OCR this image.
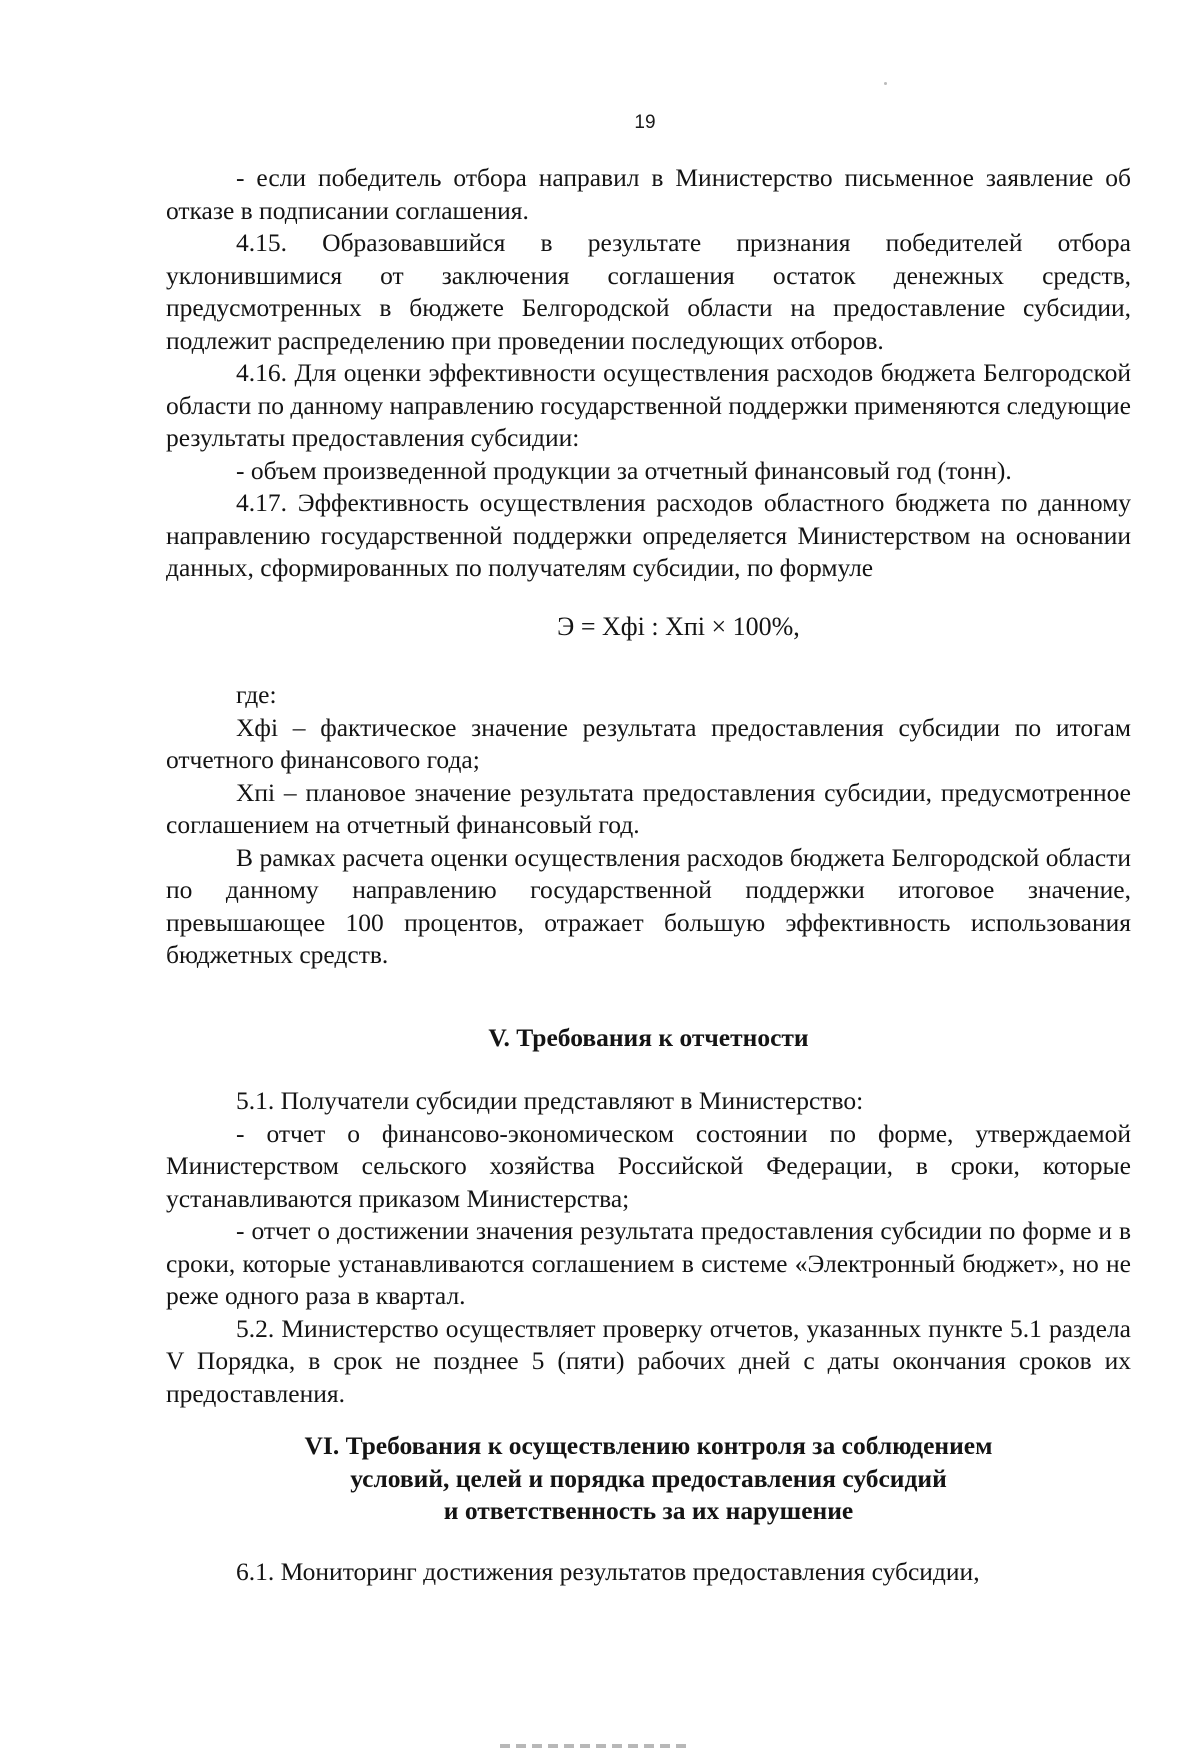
19

- если победитель отбора направил в Министерство письменное заявление об отказе в подписании соглашения.

4.15. Образовавшийся в результате признания победителей отбора уклонившимися от заключения соглашения остаток денежных средств, предусмотренных в бюджете Белгородской области на предоставление субсидии, подлежит распределению при проведении последующих отборов.

4.16. Для оценки эффективности осуществления расходов бюджета Белгородской области по данному направлению государственной поддержки применяются следующие результаты предоставления субсидии:

- объем произведенной продукции за отчетный финансовый год (тонн).

4.17. Эффективность осуществления расходов областного бюджета по данному направлению государственной поддержки определяется Министерством на основании данных, сформированных по получателям субсидии, по формуле

Э = Хфi : Хпi × 100%,

где:

Хфi – фактическое значение результата предоставления субсидии по итогам отчетного финансового года;

Хпi – плановое значение результата предоставления субсидии, предусмотренное соглашением на отчетный финансовый год.

В рамках расчета оценки осуществления расходов бюджета Белгородской области по данному направлению государственной поддержки итоговое значение, превышающее 100 процентов, отражает большую эффективность использования бюджетных средств.

V. Требования к отчетности

5.1. Получатели субсидии представляют в Министерство:

- отчет о финансово-экономическом состоянии по форме, утверждаемой Министерством сельского хозяйства Российской Федерации, в сроки, которые устанавливаются приказом Министерства;

- отчет о достижении значения результата предоставления субсидии по форме и в сроки, которые устанавливаются соглашением в системе «Электронный бюджет», но не реже одного раза в квартал.

5.2. Министерство осуществляет проверку отчетов, указанных пункте 5.1 раздела V Порядка, в срок не позднее 5 (пяти) рабочих дней с даты окончания сроков их предоставления.

VI. Требования к осуществлению контроля за соблюдением
условий, целей и порядка предоставления субсидий
и ответственность за их нарушение

6.1. Мониторинг достижения результатов предоставления субсидии,
